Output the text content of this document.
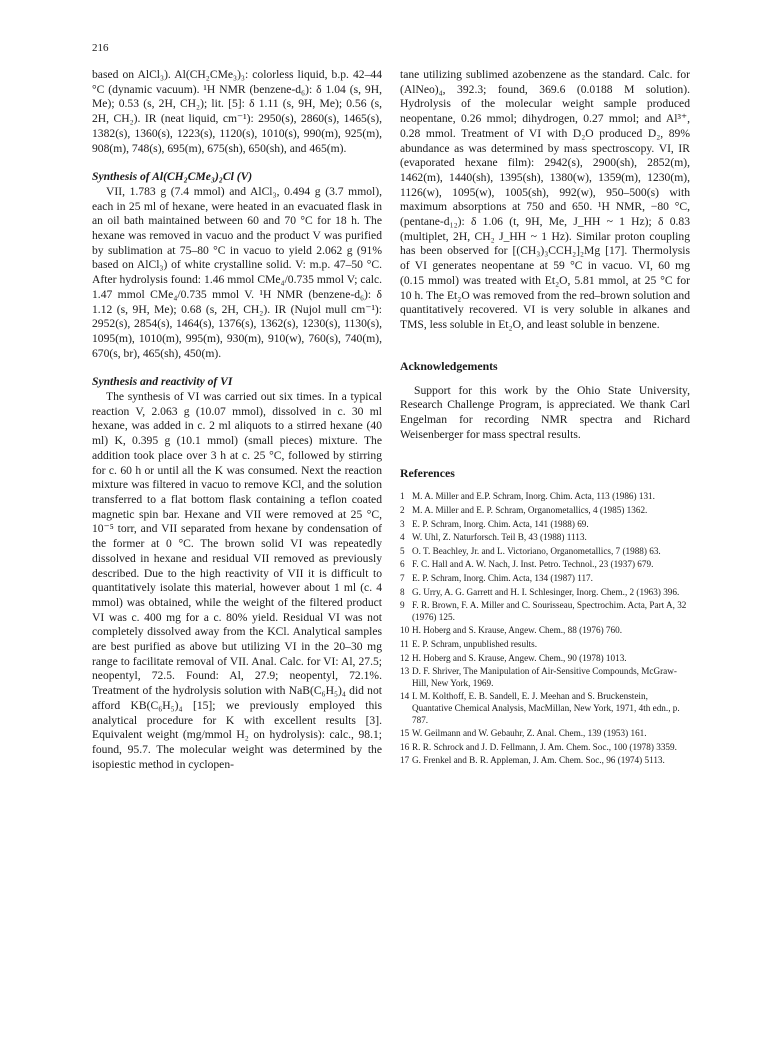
216

based on AlCl₃). Al(CH₂CMe₃)₃: colorless liquid, b.p. 42–44 °C (dynamic vacuum). ¹H NMR (benzene-d₆): δ 1.04 (s, 9H, Me); 0.53 (s, 2H, CH₂); lit. [5]: δ 1.11 (s, 9H, Me); 0.56 (s, 2H, CH₂). IR (neat liquid, cm⁻¹): 2950(s), 2860(s), 1465(s), 1382(s), 1360(s), 1223(s), 1120(s), 1010(s), 990(m), 925(m), 908(m), 748(s), 695(m), 675(sh), 650(sh), and 465(m).

Synthesis of Al(CH₂CMe₃)₂Cl (V)

VII, 1.783 g (7.4 mmol) and AlCl₃, 0.494 g (3.7 mmol), each in 25 ml of hexane, were heated in an evacuated flask in an oil bath maintained between 60 and 70 °C for 18 h. The hexane was removed in vacuo and the product V was purified by sublimation at 75–80 °C in vacuo to yield 2.062 g (91% based on AlCl₃) of white crystalline solid. V: m.p. 47–50 °C. After hydrolysis found: 1.46 mmol CMe₄/0.735 mmol V; calc. 1.47 mmol CMe₄/0.735 mmol V. ¹H NMR (benzene-d₆): δ 1.12 (s, 9H, Me); 0.68 (s, 2H, CH₂). IR (Nujol mull cm⁻¹): 2952(s), 2854(s), 1464(s), 1376(s), 1362(s), 1230(s), 1130(s), 1095(m), 1010(m), 995(m), 930(m), 910(w), 760(s), 740(m), 670(s, br), 465(sh), 450(m).

Synthesis and reactivity of VI

The synthesis of VI was carried out six times. In a typical reaction V, 2.063 g (10.07 mmol), dissolved in c. 30 ml hexane, was added in c. 2 ml aliquots to a stirred hexane (40 ml) K, 0.395 g (10.1 mmol) (small pieces) mixture. The addition took place over 3 h at c. 25 °C, followed by stirring for c. 60 h or until all the K was consumed. Next the reaction mixture was filtered in vacuo to remove KCl, and the solution transferred to a flat bottom flask containing a teflon coated magnetic spin bar. Hexane and VII were removed at 25 °C, 10⁻⁵ torr, and VII separated from hexane by condensation of the former at 0 °C. The brown solid VI was repeatedly dissolved in hexane and residual VII removed as previously described. Due to the high reactivity of VII it is difficult to quantitatively isolate this material, however about 1 ml (c. 4 mmol) was obtained, while the weight of the filtered product VI was c. 400 mg for a c. 80% yield. Residual VI was not completely dissolved away from the KCl. Analytical samples are best purified as above but utilizing VI in the 20–30 mg range to facilitate removal of VII. Anal. Calc. for VI: Al, 27.5; neopentyl, 72.5. Found: Al, 27.9; neopentyl, 72.1%. Treatment of the hydrolysis solution with NaB(C₆H₅)₄ did not afford KB(C₆H₅)₄ [15]; we previously employed this analytical procedure for K with excellent results [3]. Equivalent weight (mg/mmol H₂ on hydrolysis): calc., 98.1; found, 95.7. The molecular weight was determined by the isopiestic method in cyclopen-

tane utilizing sublimed azobenzene as the standard. Calc. for (AlNeo)₄, 392.3; found, 369.6 (0.0188 M solution). Hydrolysis of the molecular weight sample produced neopentane, 0.26 mmol; dihydrogen, 0.27 mmol; and Al³⁺, 0.28 mmol. Treatment of VI with D₂O produced D₂, 89% abundance as was determined by mass spectroscopy. VI, IR (evaporated hexane film): 2942(s), 2900(sh), 2852(m), 1462(m), 1440(sh), 1395(sh), 1380(w), 1359(m), 1230(m), 1126(w), 1095(w), 1005(sh), 992(w), 950–500(s) with maximum absorptions at 750 and 650. ¹H NMR, −80 °C, (pentane-d₁₂): δ 1.06 (t, 9H, Me, J_HH ~ 1 Hz); δ 0.83 (multiplet, 2H, CH₂ J_HH ~ 1 Hz). Similar proton coupling has been observed for [(CH₃)₃CCH₂]₂Mg [17]. Thermolysis of VI generates neopentane at 59 °C in vacuo. VI, 60 mg (0.15 mmol) was treated with Et₂O, 5.81 mmol, at 25 °C for 10 h. The Et₂O was removed from the red–brown solution and quantitatively recovered. VI is very soluble in alkanes and TMS, less soluble in Et₂O, and least soluble in benzene.

Acknowledgements

Support for this work by the Ohio State University, Research Challenge Program, is appreciated. We thank Carl Engelman for recording NMR spectra and Richard Weisenberger for mass spectral results.

References
1 M. A. Miller and E.P. Schram, Inorg. Chim. Acta, 113 (1986) 131.
2 M. A. Miller and E. P. Schram, Organometallics, 4 (1985) 1362.
3 E. P. Schram, Inorg. Chim. Acta, 141 (1988) 69.
4 W. Uhl, Z. Naturforsch. Teil B, 43 (1988) 1113.
5 O. T. Beachley, Jr. and L. Victoriano, Organometallics, 7 (1988) 63.
6 F. C. Hall and A. W. Nach, J. Inst. Petro. Technol., 23 (1937) 679.
7 E. P. Schram, Inorg. Chim. Acta, 134 (1987) 117.
8 G. Urry, A. G. Garrett and H. I. Schlesinger, Inorg. Chem., 2 (1963) 396.
9 F. R. Brown, F. A. Miller and C. Sourisseau, Spectrochim. Acta, Part A, 32 (1976) 125.
10 H. Hoberg and S. Krause, Angew. Chem., 88 (1976) 760.
11 E. P. Schram, unpublished results.
12 H. Hoberg and S. Krause, Angew. Chem., 90 (1978) 1013.
13 D. F. Shriver, The Manipulation of Air-Sensitive Compounds, McGraw-Hill, New York, 1969.
14 I. M. Kolthoff, E. B. Sandell, E. J. Meehan and S. Bruckenstein, Quantative Chemical Analysis, MacMillan, New York, 1971, 4th edn., p. 787.
15 W. Geilmann and W. Gebauhr, Z. Anal. Chem., 139 (1953) 161.
16 R. R. Schrock and J. D. Fellmann, J. Am. Chem. Soc., 100 (1978) 3359.
17 G. Frenkel and B. R. Appleman, J. Am. Chem. Soc., 96 (1974) 5113.
